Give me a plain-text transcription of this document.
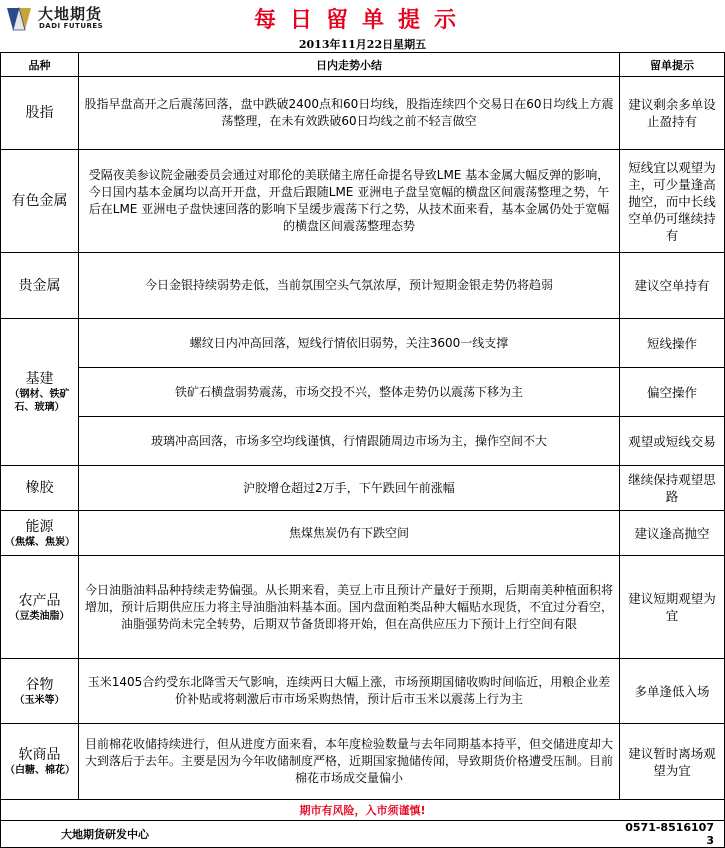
大地期货
DADI FUTURES	每日留单提示
2013年11月22日星期五
品种	日内走势小结	留单提示
股指	股指早盘高开之后震荡回落，盘中跌破2400点和60日均线，股指连续四个交易日在60日均线上方震荡整理，在未有效跌破60日均线之前不轻言做空	建议剩余多单设止盈持有
有色金属	受隔夜美参议院金融委员会通过对耶伦的美联储主席任命提名导致LME 基本金属大幅反弹的影响，今日国内基本金属均以高开开盘，开盘后跟随LME 亚洲电子盘呈宽幅的横盘区间震荡整理之势，午后在LME 亚洲电子盘快速回落的影响下呈缓步震荡下行之势，从技术面来看，基本金属仍处于宽幅的横盘区间震荡整理态势	短线宜以观望为主，可少量逢高抛空，而中长线空单仍可继续持有
贵金属	今日金银持续弱势走低，当前氛围空头气氛浓厚，预计短期金银走势仍将趋弱	建议空单持有

基建
（钢材、铁矿石、玻璃）	螺纹日内冲高回落，短线行情依旧弱势，关注3600一线支撑	短线操作
	铁矿石横盘弱势震荡，市场交投不兴，整体走势仍以震荡下移为主	偏空操作
	玻璃冲高回落，市场多空均线谨慎，行情跟随周边市场为主，操作空间不大	观望或短线交易
橡胶	沪胶增仓超过2万手，下午跌回午前涨幅	继续保持观望思路

能源
（焦煤、焦炭）	焦煤焦炭仍有下跌空间	建议逢高抛空

农产品
（豆类油脂）	今日油脂油料品种持续走势偏强。从长期来看，美豆上市且预计产量好于预期，后期南美种植面积将增加，预计后期供应压力将主导油脂油料基本面。国内盘面粕类品种大幅贴水现货，不宜过分看空，油脂强势尚未完全转势，后期双节备货即将开始，但在高供应压力下预计上行空间有限	建议短期观望为宜

谷物
（玉米等）	玉米1405合约受东北降雪天气影响，连续两日大幅上涨，市场预期国储收购时间临近，用粮企业差价补贴或将刺激后市市场采购热情，预计后市玉米以震荡上行为主	多单逢低入场

软商品
（白糖、棉花）	目前棉花收储持续进行，但从进度方面来看，本年度检验数量与去年同期基本持平，但交储进度却大大到落后于去年。主要是因为今年收储制度严格，近期国家抛储传闻，导致期货价格遭受压制。目前棉花市场成交量偏小	建议暂时离场观望为宜
期市有风险，入市须谨慎!		
大地期货研发中心		0571-85161073
